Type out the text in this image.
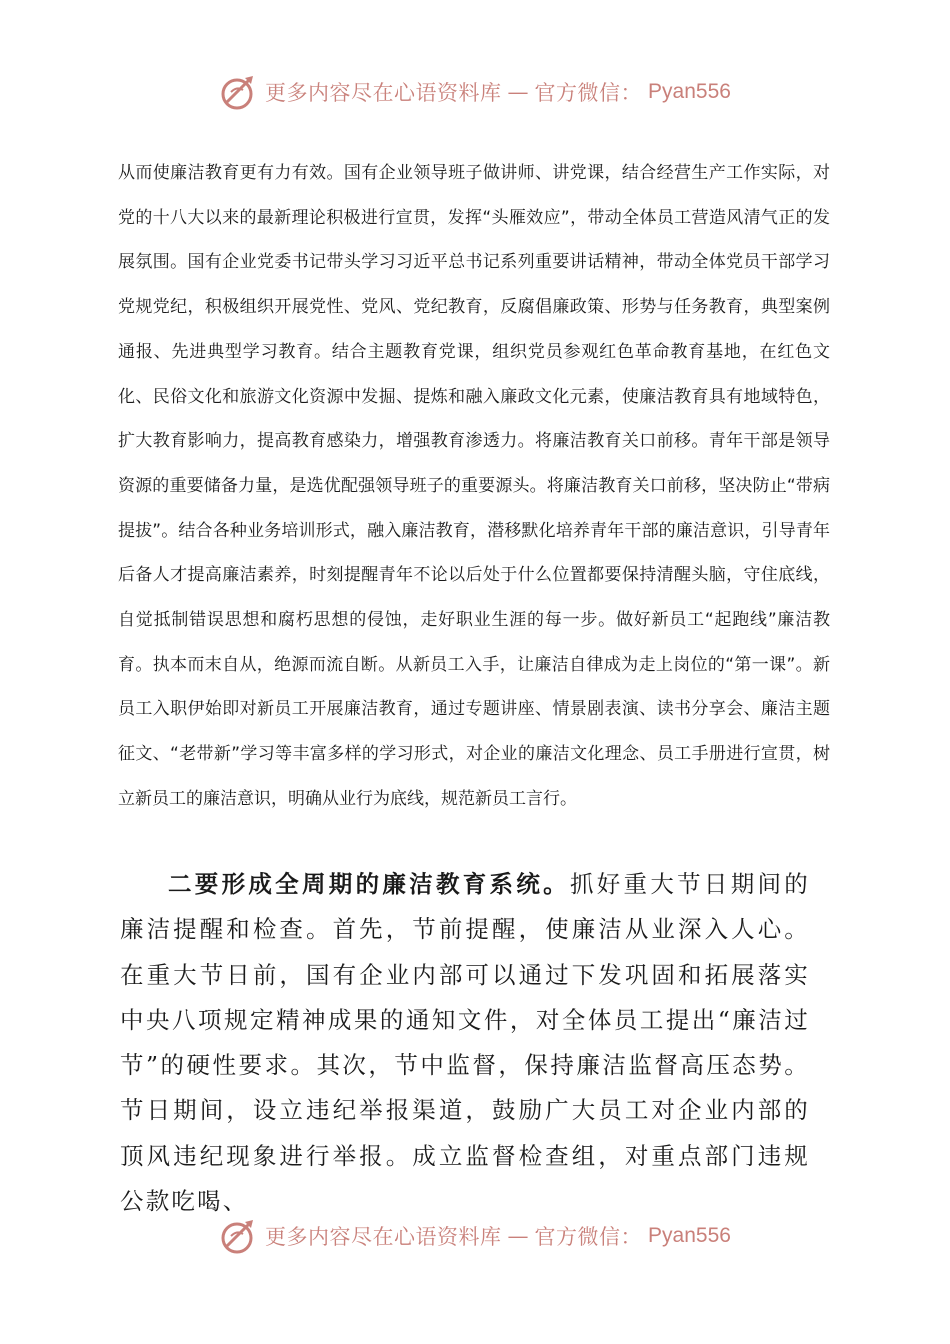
更多内容尽在心语资料库 — 官方微信： Pyan556

从而使廉洁教育更有力有效。国有企业领导班子做讲师、讲党课，结合经营生产工作实际，对党的十八大以来的最新理论积极进行宣贯，发挥“头雁效应”，带动全体员工营造风清气正的发展氛围。国有企业党委书记带头学习习近平总书记系列重要讲话精神，带动全体党员干部学习党规党纪，积极组织开展党性、党风、党纪教育，反腐倡廉政策、形势与任务教育，典型案例通报、先进典型学习教育。结合主题教育党课，组织党员参观红色革命教育基地，在红色文化、民俗文化和旅游文化资源中发掘、提炼和融入廉政文化元素，使廉洁教育具有地域特色，扩大教育影响力，提高教育感染力，增强教育渗透力。将廉洁教育关口前移。青年干部是领导资源的重要储备力量，是选优配强领导班子的重要源头。将廉洁教育关口前移，坚决防止“带病提拔”。结合各种业务培训形式，融入廉洁教育，潜移默化培养青年干部的廉洁意识，引导青年后备人才提高廉洁素养，时刻提醒青年不论以后处于什么位置都要保持清醒头脑，守住底线，自觉抵制错误思想和腐朽思想的侵蚀，走好职业生涯的每一步。做好新员工“起跑线”廉洁教育。执本而末自从，绝源而流自断。从新员工入手，让廉洁自律成为走上岗位的“第一课”。新员工入职伊始即对新员工开展廉洁教育，通过专题讲座、情景剧表演、读书分享会、廉洁主题征文、“老带新”学习等丰富多样的学习形式，对企业的廉洁文化理念、员工手册进行宣贯，树立新员工的廉洁意识，明确从业行为底线，规范新员工言行。

二要形成全周期的廉洁教育系统。抓好重大节日期间的廉洁提醒和检查。首先，节前提醒，使廉洁从业深入人心。在重大节日前，国有企业内部可以通过下发巩固和拓展落实中央八项规定精神成果的通知文件，对全体员工提出“廉洁过节”的硬性要求。其次，节中监督，保持廉洁监督高压态势。节日期间，设立违纪举报渠道，鼓励广大员工对企业内部的顶风违纪现象进行举报。成立监督检查组，对重点部门违规公款吃喝、

更多内容尽在心语资料库 — 官方微信： Pyan556
